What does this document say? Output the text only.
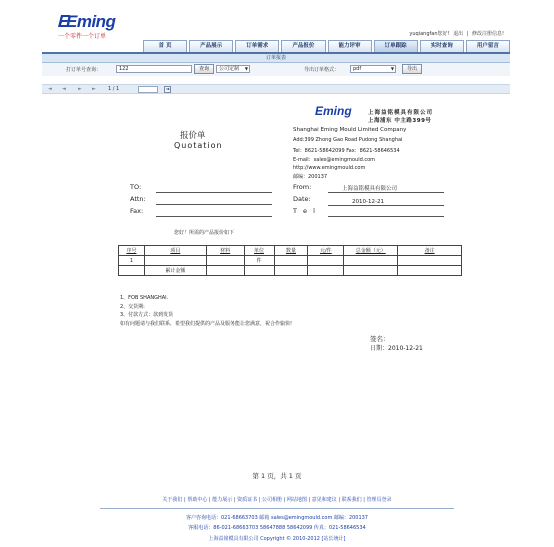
Eming
一个零件一个订单	yuqiangfan您好! 退出 | 修改注册信息!
首 页	产品展示	订单需求	产品报价	能力评审	订单跟踪	实时查询	用户留言
订单报表
打订单号查询：	122	查询	公司定制 ▼	导出订单格式：	pdf ▼	导出
◄ ◄ ► ► 1 / 1
Eming	上海益铭模具有限公司
上海浦东 中主路399号
报价单
Quotation
Shanghai Eming Mould Limited Company
Add:399 Zhong Gao Road Pudong Shanghai
Tel：8621-58642099 Fax：8621-58646534
E-mail：sales@emingmould.com
http://www.emingmould.com
邮编：200137
TO:
Attn:
Fax:
From:	上海益铭模具有限公司
Date:	2010-12-21
T e l
您好！所需的产品报价如下
序号	项目	材料	单位	数量	元/件	总金额（元）	备注
1			件				
	累计金额						
1、FOB SHANGHAI.
2、交货期:
3、付款方式：款到发货
如有问题请与我们联系，希望我们提供的产品及服务能让您满意，祝合作愉快!
签名：
日期：2010-12-21
第 1 页，共 1 页
关于我们 | 帮助中心 | 能力展示 | 资质证书 | 公司相册 | 网站地图 | 意见和建议 | 联系我们 | 管理员登录
客户咨询电话：021-68663703 邮箱 sales@emingmould.com 邮编：200137
客服电话：86-021-68663703 58647888 58642099 传真：021-58646534
上海益铭模具有限公司 Copyright © 2010-2012 [站长统计]
